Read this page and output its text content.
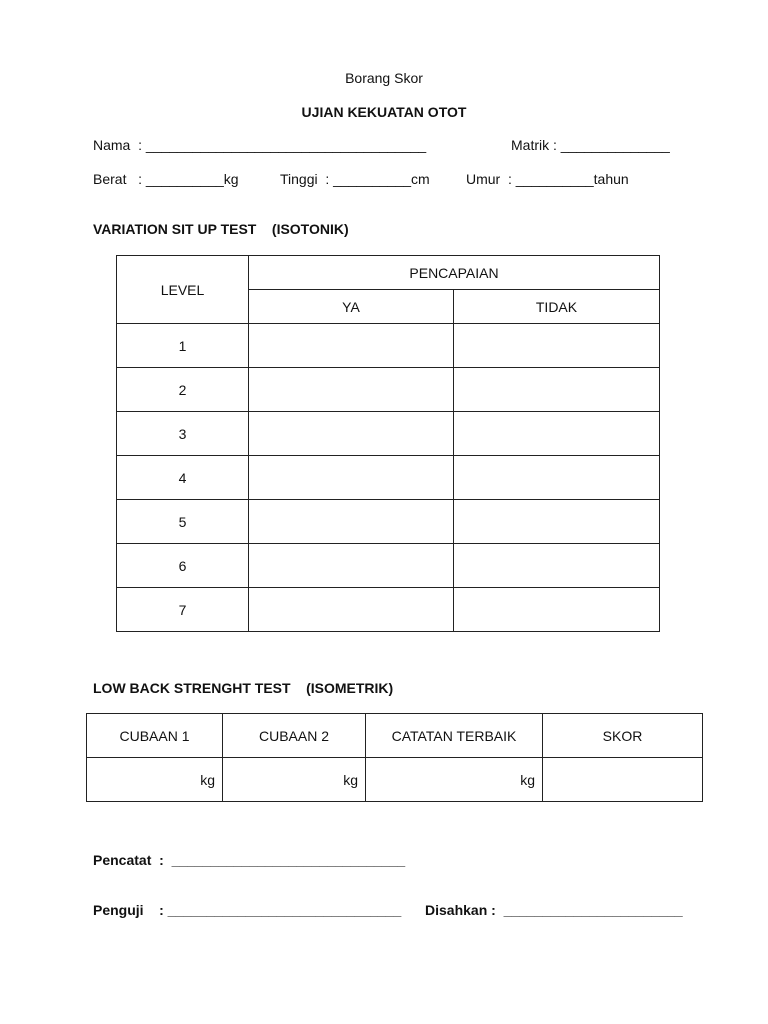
Borang Skor
UJIAN KEKUATAN OTOT
Nama  : ____________________________________	Matrik : ______________
Berat   : __________kg	Tinggi  : __________cm	Umur  : __________tahun
VARIATION SIT UP TEST    (ISOTONIK)
LEVEL	PENCAPAIAN	
	YA	TIDAK
1		
2		
3		
4		
5		
6		
7		
LOW BACK STRENGHT TEST    (ISOMETRIK)
CUBAAN 1	CUBAAN 2	CATATAN TERBAIK	SKOR
kg	kg	kg	
Pencatat  :  ______________________________
Penguji    : ______________________________ Disahkan :  _______________________
